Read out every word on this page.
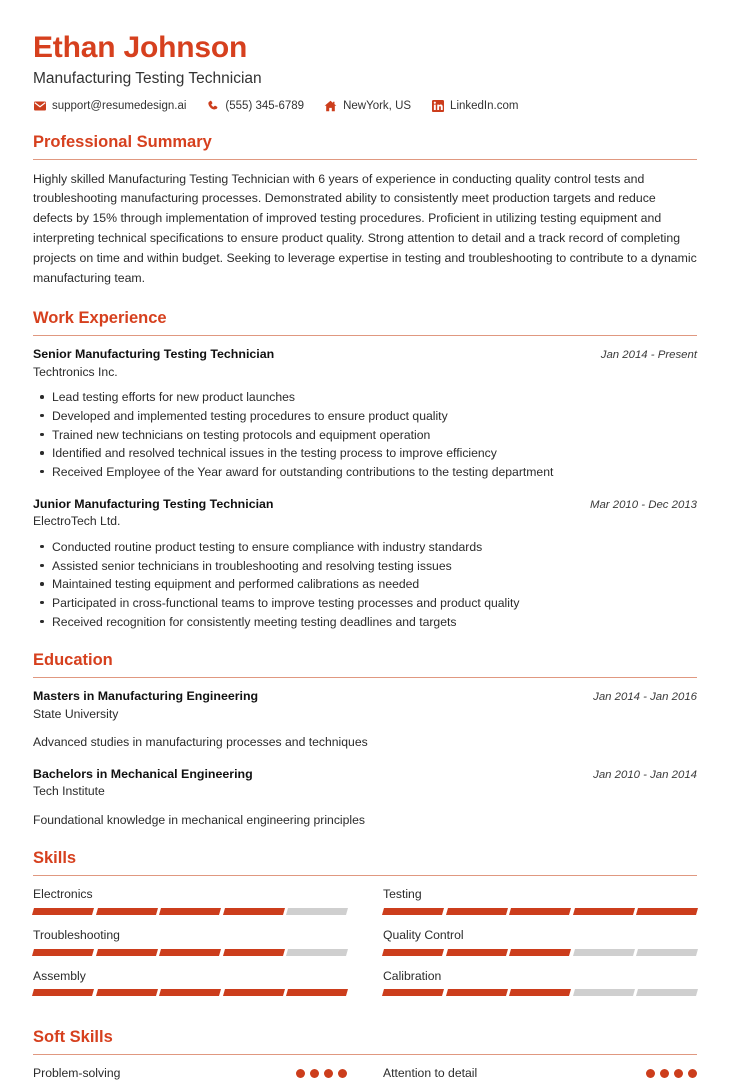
Ethan Johnson
Manufacturing Testing Technician
support@resumedesign.ai	(555) 345-6789	NewYork, US	LinkedIn.com
Professional Summary
Highly skilled Manufacturing Testing Technician with 6 years of experience in conducting quality control tests and troubleshooting manufacturing processes. Demonstrated ability to consistently meet production targets and reduce defects by 15% through implementation of improved testing procedures. Proficient in utilizing testing equipment and interpreting technical specifications to ensure product quality. Strong attention to detail and a track record of completing projects on time and within budget. Seeking to leverage expertise in testing and troubleshooting to contribute to a dynamic manufacturing team.
Work Experience
Senior Manufacturing Testing Technician	Jan 2014 - Present
Techtronics Inc.
Lead testing efforts for new product launches
Developed and implemented testing procedures to ensure product quality
Trained new technicians on testing protocols and equipment operation
Identified and resolved technical issues in the testing process to improve efficiency
Received Employee of the Year award for outstanding contributions to the testing department
Junior Manufacturing Testing Technician	Mar 2010 - Dec 2013
ElectroTech Ltd.
Conducted routine product testing to ensure compliance with industry standards
Assisted senior technicians in troubleshooting and resolving testing issues
Maintained testing equipment and performed calibrations as needed
Participated in cross-functional teams to improve testing processes and product quality
Received recognition for consistently meeting testing deadlines and targets
Education
Masters in Manufacturing Engineering	Jan 2014 - Jan 2016
State University
Advanced studies in manufacturing processes and techniques
Bachelors in Mechanical Engineering	Jan 2010 - Jan 2014
Tech Institute
Foundational knowledge in mechanical engineering principles
Skills
Electronics	Testing
Troubleshooting	Quality Control
Assembly	Calibration
Soft Skills
Problem-solving	Attention to detail
